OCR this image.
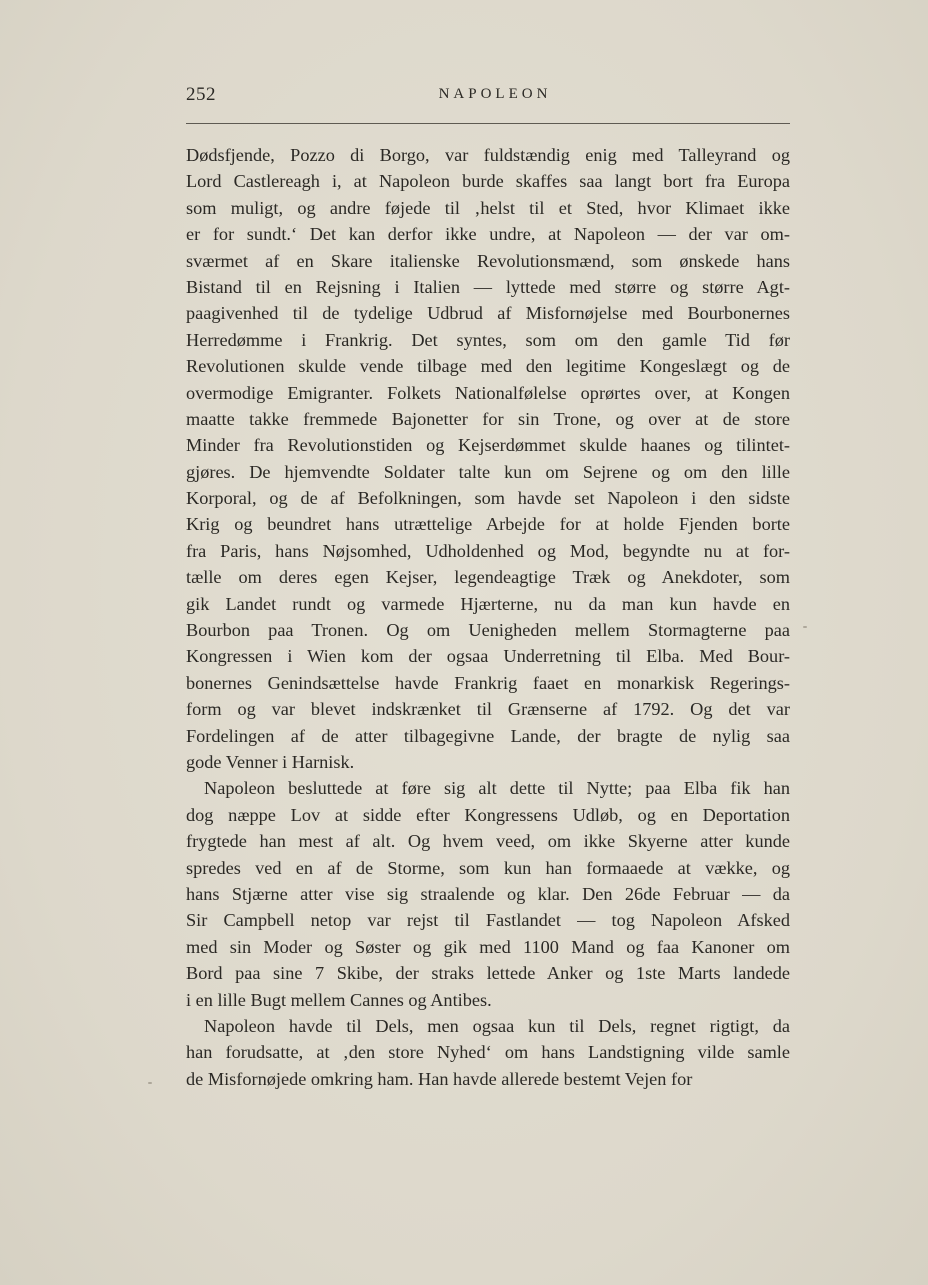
252	NAPOLEON

Dødsfjende, Pozzo di Borgo, var fuldstændig enig med Talleyrand og
Lord Castlereagh i, at Napoleon burde skaffes saa langt bort fra Europa
som muligt, og andre føjede til ‚helst til et Sted, hvor Klimaet ikke
er for sundt.‘ Det kan derfor ikke undre, at Napoleon — der var om-
sværmet af en Skare italienske Revolutionsmænd, som ønskede hans
Bistand til en Rejsning i Italien — lyttede med større og større Agt-
paagivenhed til de tydelige Udbrud af Misfornøjelse med Bourbonernes
Herredømme i Frankrig. Det syntes, som om den gamle Tid før
Revolutionen skulde vende tilbage med den legitime Kongeslægt og de
overmodige Emigranter. Folkets Nationalfølelse oprørtes over, at Kongen
maatte takke fremmede Bajonetter for sin Trone, og over at de store
Minder fra Revolutionstiden og Kejserdømmet skulde haanes og tilintet-
gjøres. De hjemvendte Soldater talte kun om Sejrene og om den lille
Korporal, og de af Befolkningen, som havde set Napoleon i den sidste
Krig og beundret hans utrættelige Arbejde for at holde Fjenden borte
fra Paris, hans Nøjsomhed, Udholdenhed og Mod, begyndte nu at for-
tælle om deres egen Kejser, legendeagtige Træk og Anekdoter, som
gik Landet rundt og varmede Hjærterne, nu da man kun havde en
Bourbon paa Tronen. Og om Uenigheden mellem Stormagterne paa
Kongressen i Wien kom der ogsaa Underretning til Elba. Med Bour-
bonernes Genindsættelse havde Frankrig faaet en monarkisk Regerings-
form og var blevet indskrænket til Grænserne af 1792. Og det var
Fordelingen af de atter tilbagegivne Lande, der bragte de nylig saa
gode Venner i Harnisk.

Napoleon besluttede at føre sig alt dette til Nytte; paa Elba fik han
dog næppe Lov at sidde efter Kongressens Udløb, og en Deportation
frygtede han mest af alt. Og hvem veed, om ikke Skyerne atter kunde
spredes ved en af de Storme, som kun han formaaede at vække, og
hans Stjærne atter vise sig straalende og klar. Den 26de Februar — da
Sir Campbell netop var rejst til Fastlandet — tog Napoleon Afsked
med sin Moder og Søster og gik med 1100 Mand og faa Kanoner om
Bord paa sine 7 Skibe, der straks lettede Anker og 1ste Marts landede
i en lille Bugt mellem Cannes og Antibes.

Napoleon havde til Dels, men ogsaa kun til Dels, regnet rigtigt, da
han forudsatte, at ‚den store Nyhed‘ om hans Landstigning vilde samle
de Misfornøjede omkring ham. Han havde allerede bestemt Vejen for
